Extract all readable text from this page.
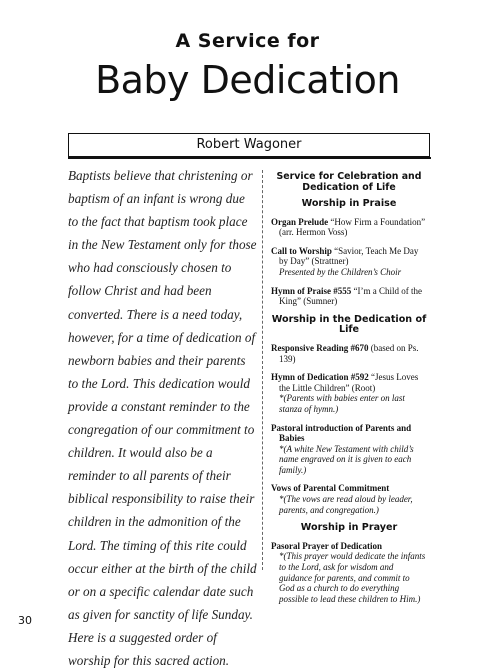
A Service for
Baby Dedication
Robert Wagoner

Baptists believe that christening or baptism of an infant is wrong due to the fact that baptism took place in the New Testament only for those who had consciously chosen to follow Christ and had been converted. There is a need today, however, for a time of dedication of newborn babies and their parents to the Lord. This dedication would provide a constant reminder to the congregation of our commitment to children. It would also be a reminder to all parents of their biblical responsibility to raise their children in the admonition of the Lord. The timing of this rite could occur either at the birth of the child or on a specific calendar date such as given for sanctity of life Sunday. Here is a suggested order of worship for this sacred action.

Service for Celebration and
Dedication of Life
Worship in Praise
Organ Prelude “How Firm a Foundation” (arr. Hermon Voss)
Call to Worship “Savior, Teach Me Day by Day” (Strattner)
Presented by the Children’s Choir
Hymn of Praise #555 “I’m a Child of the King” (Sumner)
Worship in the Dedication of Life
Responsive Reading #670 (based on Ps. 139)
Hymn of Dedication #592 “Jesus Loves the Little Children” (Root)
*(Parents with babies enter on last stanza of hymn.)
Pastoral introduction of Parents and Babies
*(A white New Testament with child’s name engraved on it is given to each family.)
Vows of Parental Commitment
*(The vows are read aloud by leader, parents, and congregation.)
Worship in Prayer
Pasoral Prayer of Dedication
*(This prayer would dedicate the infants to the Lord, ask for wisdom and guidance for parents, and commit to God as a church to do everything possible to lead these children to Him.)
30
